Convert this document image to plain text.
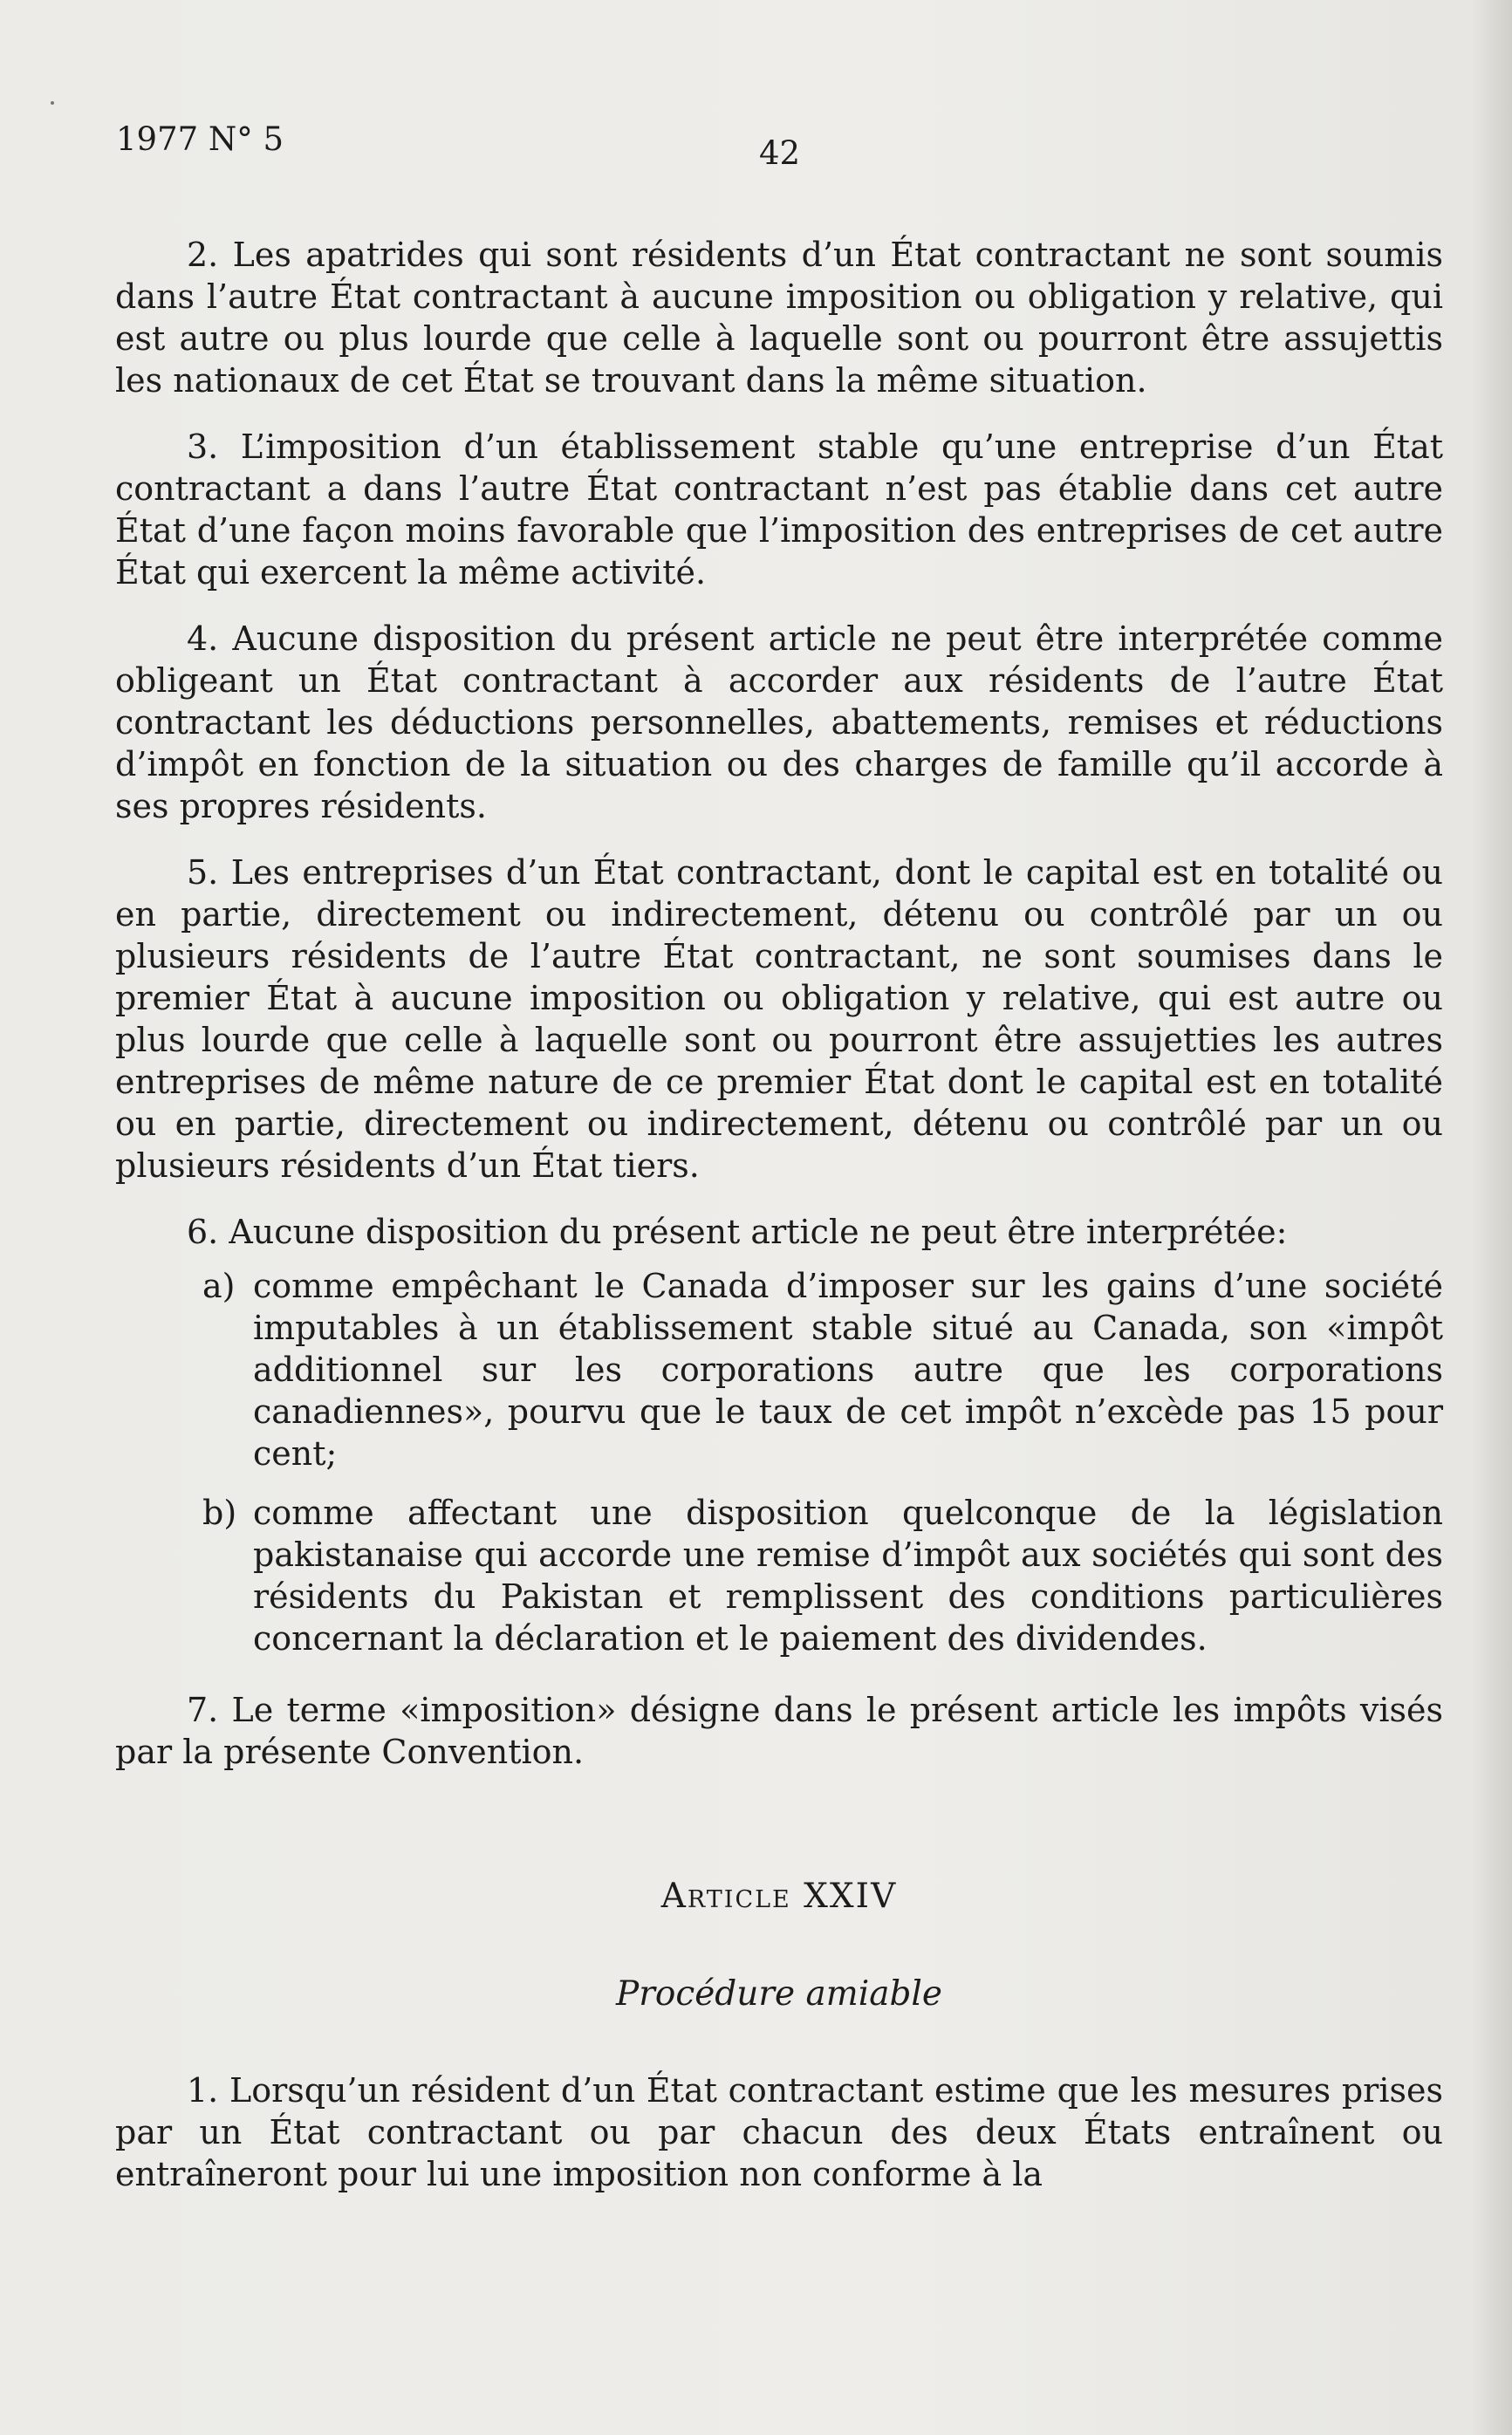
1977 N° 5	42

2. Les apatrides qui sont résidents d’un État contractant ne sont soumis dans l’autre État contractant à aucune imposition ou obligation y relative, qui est autre ou plus lourde que celle à laquelle sont ou pourront être assujettis les nationaux de cet État se trouvant dans la même situation.

3. L’imposition d’un établissement stable qu’une entreprise d’un État contractant a dans l’autre État contractant n’est pas établie dans cet autre État d’une façon moins favorable que l’imposition des entreprises de cet autre État qui exercent la même activité.

4. Aucune disposition du présent article ne peut être interprétée comme obligeant un État contractant à accorder aux résidents de l’autre État contractant les déductions personnelles, abattements, remises et réductions d’impôt en fonction de la situation ou des charges de famille qu’il accorde à ses propres résidents.

5. Les entreprises d’un État contractant, dont le capital est en totalité ou en partie, directement ou indirectement, détenu ou contrôlé par un ou plusieurs résidents de l’autre État contractant, ne sont soumises dans le premier État à aucune imposition ou obligation y relative, qui est autre ou plus lourde que celle à laquelle sont ou pourront être assujetties les autres entreprises de même nature de ce premier État dont le capital est en totalité ou en partie, directement ou indirectement, détenu ou contrôlé par un ou plusieurs résidents d’un État tiers.

6. Aucune disposition du présent article ne peut être interprétée:

a) comme empêchant le Canada d’imposer sur les gains d’une société imputables à un établissement stable situé au Canada, son «impôt additionnel sur les corporations autre que les corporations canadiennes», pourvu que le taux de cet impôt n’excède pas 15 pour cent;
b) comme affectant une disposition quelconque de la législation pakistanaise qui accorde une remise d’impôt aux sociétés qui sont des résidents du Pakistan et remplissent des conditions particulières concernant la déclaration et le paiement des dividendes.

7. Le terme «imposition» désigne dans le présent article les impôts visés par la présente Convention.

Article XXIV
Procédure amiable

1. Lorsqu’un résident d’un État contractant estime que les mesures prises par un État contractant ou par chacun des deux États entraînent ou entraîneront pour lui une imposition non conforme à la
